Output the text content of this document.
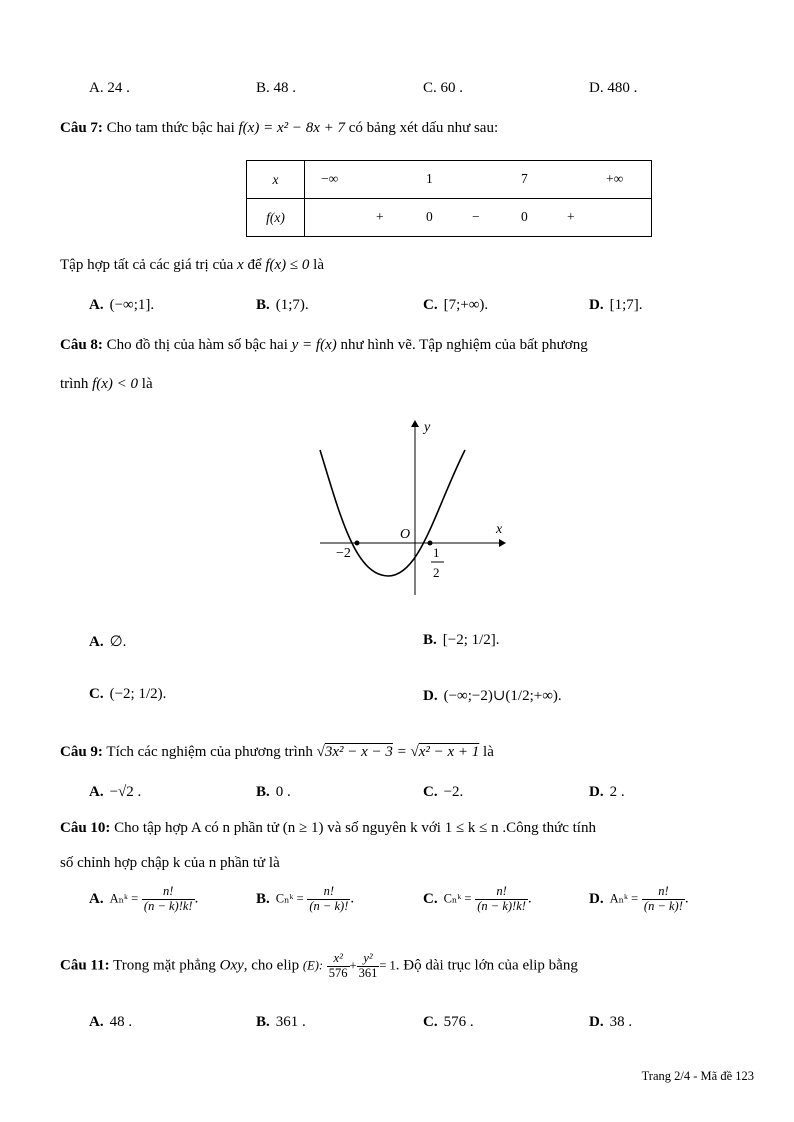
A. 24 .	B. 48 .	C. 60 .	D. 480 .
Câu 7: Cho tam thức bậc hai f(x) = x² − 8x + 7 có bảng xét dấu như sau:
x	−∞ 1 7 +∞

f(x)	+ 0 − 0 +
Tập hợp tất cả các giá trị của x để f(x) ≤ 0 là
A. (−∞;1].	B. (1;7).	C. [7;+∞).	D. [1;7].
Câu 8: Cho đồ thị của hàm số bậc hai y = f(x) như hình vẽ. Tập nghiệm của bất phương
trình f(x) < 0 là
y
x
O
−2	1
2
A. ∅.	B. [−2; 1/2].
C. (−2; 1/2).	D. (−∞;−2)∪(1/2;+∞).
Câu 9: Tích các nghiệm của phương trình √3x² − x − 3 = √x² − x + 1 là
A. −√2 .	B. 0 .	C. −2.	D. 2 .
Câu 10: Cho tập hợp A có n phần tử (n ≥ 1) và số nguyên k với 1 ≤ k ≤ n .Công thức tính
số chỉnh hợp chập k của n phần tử là
A. Aₙᵏ = $\frac{n!}{(n - k)!k!}$ .	B. Cₙᵏ = $\frac{n!}{(n - k)!}$ .	C. Cₙᵏ = $\frac{n!}{(n - k)!k!}$ .	D. Aₙᵏ = $\frac{n!}{(n - k)!}$ .
Câu 11: Trong mặt phẳng Oxy, cho elip (E): $\frac{\text{x²}}{576} + \frac{\text{y²}}{361} = 1$. Độ dài trục lớn của elip bằng
A. 48 .	B. 361 .	C. 576 .	D. 38 .
Trang 2/4 - Mã đề 123
